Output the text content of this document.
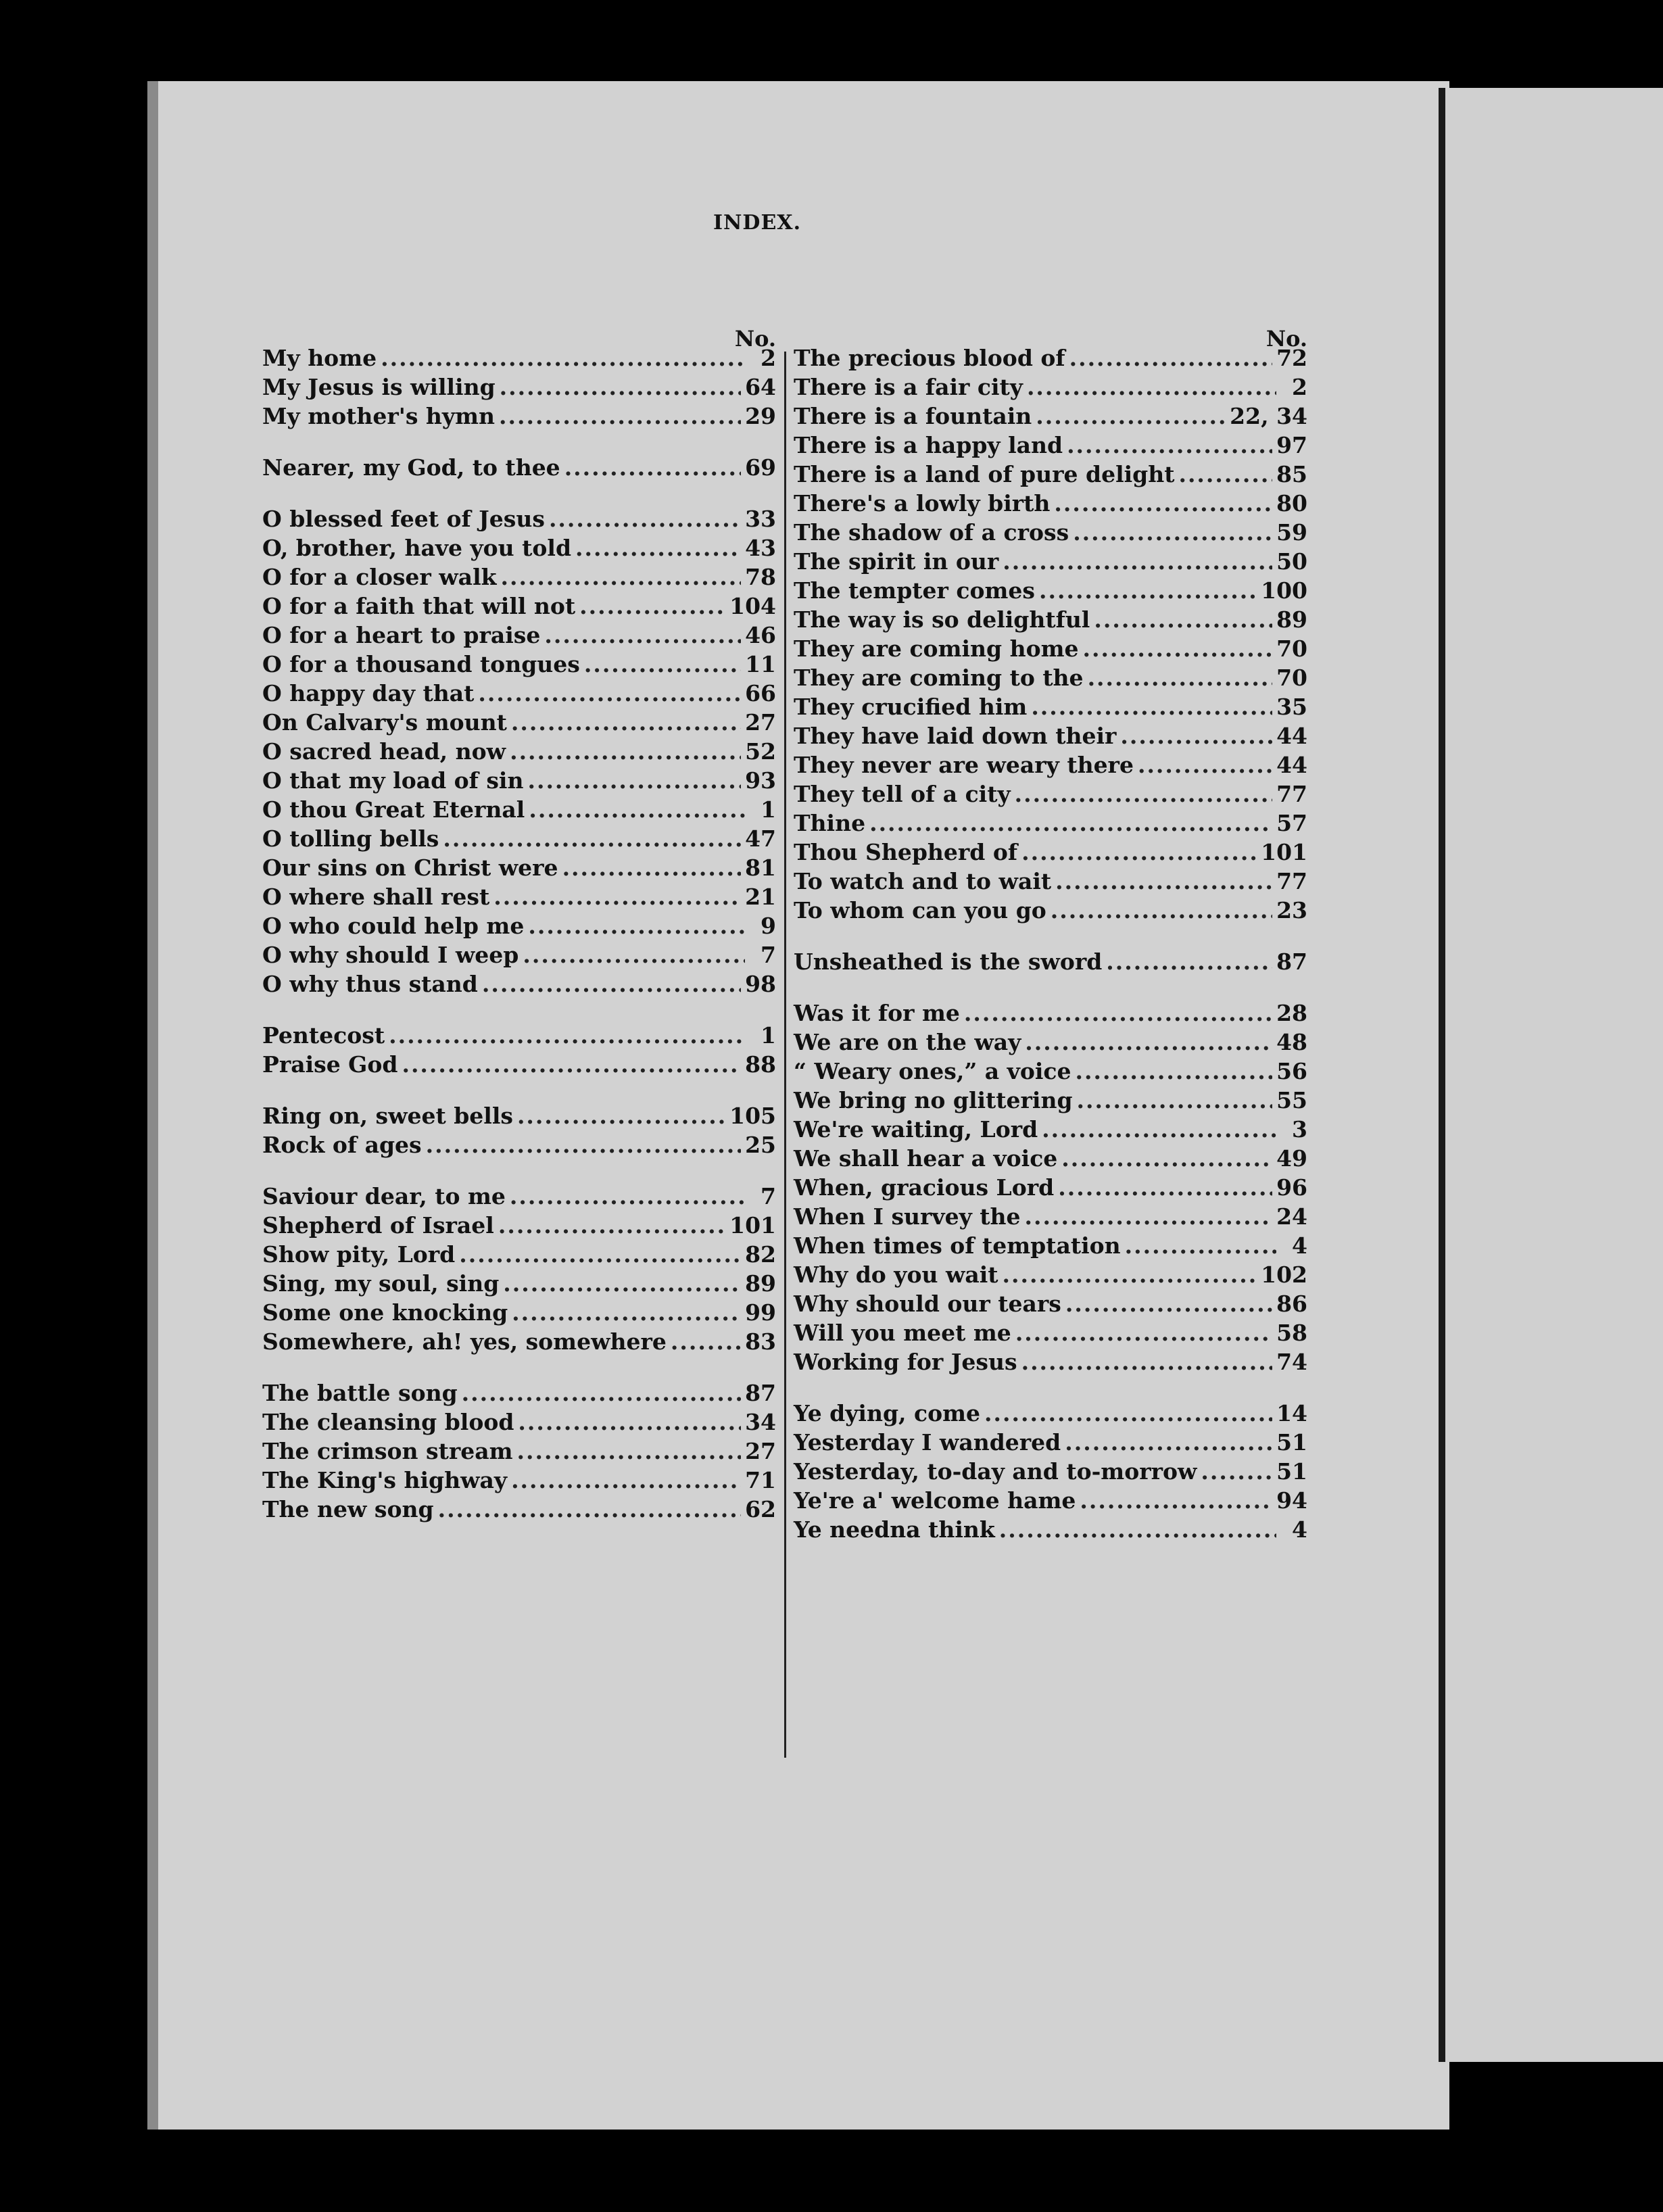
INDEX.
No.
My home .....	2
My Jesus is willing .....	64
My mother's hymn .....	29
Nearer, my God, to thee .....	69
O blessed feet of Jesus .....	33
O, brother, have you told .....	43
O for a closer walk .....	78
O for a faith that will not .....	104
O for a heart to praise .....	46
O for a thousand tongues .....	11
O happy day that .....	66
On Calvary's mount .....	27
O sacred head, now .....	52
O that my load of sin .....	93
O thou Great Eternal .....	1
O tolling bells .....	47
Our sins on Christ were .....	81
O where shall rest .....	21
O who could help me .....	9
O why should I weep .....	7
O why thus stand .....	98
Pentecost .....	1
Praise God .....	88
Ring on, sweet bells .....	105
Rock of ages .....	25
Saviour dear, to me .....	7
Shepherd of Israel .....	101
Show pity, Lord .....	82
Sing, my soul, sing .....	89
Some one knocking .....	99
Somewhere, ah! yes, somewhere .....	83
The battle song .....	87
The cleansing blood .....	34
The crimson stream .....	27
The King's highway .....	71
The new song .....	62
No.
The precious blood of .....	72
There is a fair city .....	2
There is a fountain .....	22, 34
There is a happy land .....	97
There is a land of pure delight .....	85
There's a lowly birth .....	80
The shadow of a cross .....	59
The spirit in our .....	50
The tempter comes .....	100
The way is so delightful .....	89
They are coming home .....	70
They are coming to the .....	70
They crucified him .....	35
They have laid down their .....	44
They never are weary there .....	44
They tell of a city .....	77
Thine .....	57
Thou Shepherd of .....	101
To watch and to wait .....	77
To whom can you go .....	23
Unsheathed is the sword .....	87
Was it for me .....	28
We are on the way .....	48
“ Weary ones,” a voice .....	56
We bring no glittering .....	55
We're waiting, Lord .....	3
We shall hear a voice .....	49
When, gracious Lord .....	96
When I survey the .....	24
When times of temptation .....	4
Why do you wait .....	102
Why should our tears .....	86
Will you meet me .....	58
Working for Jesus .....	74
Ye dying, come .....	14
Yesterday I wandered .....	51
Yesterday, to-day and to-morrow .....	51
Ye're a' welcome hame .....	94
Ye needna think .....	4
